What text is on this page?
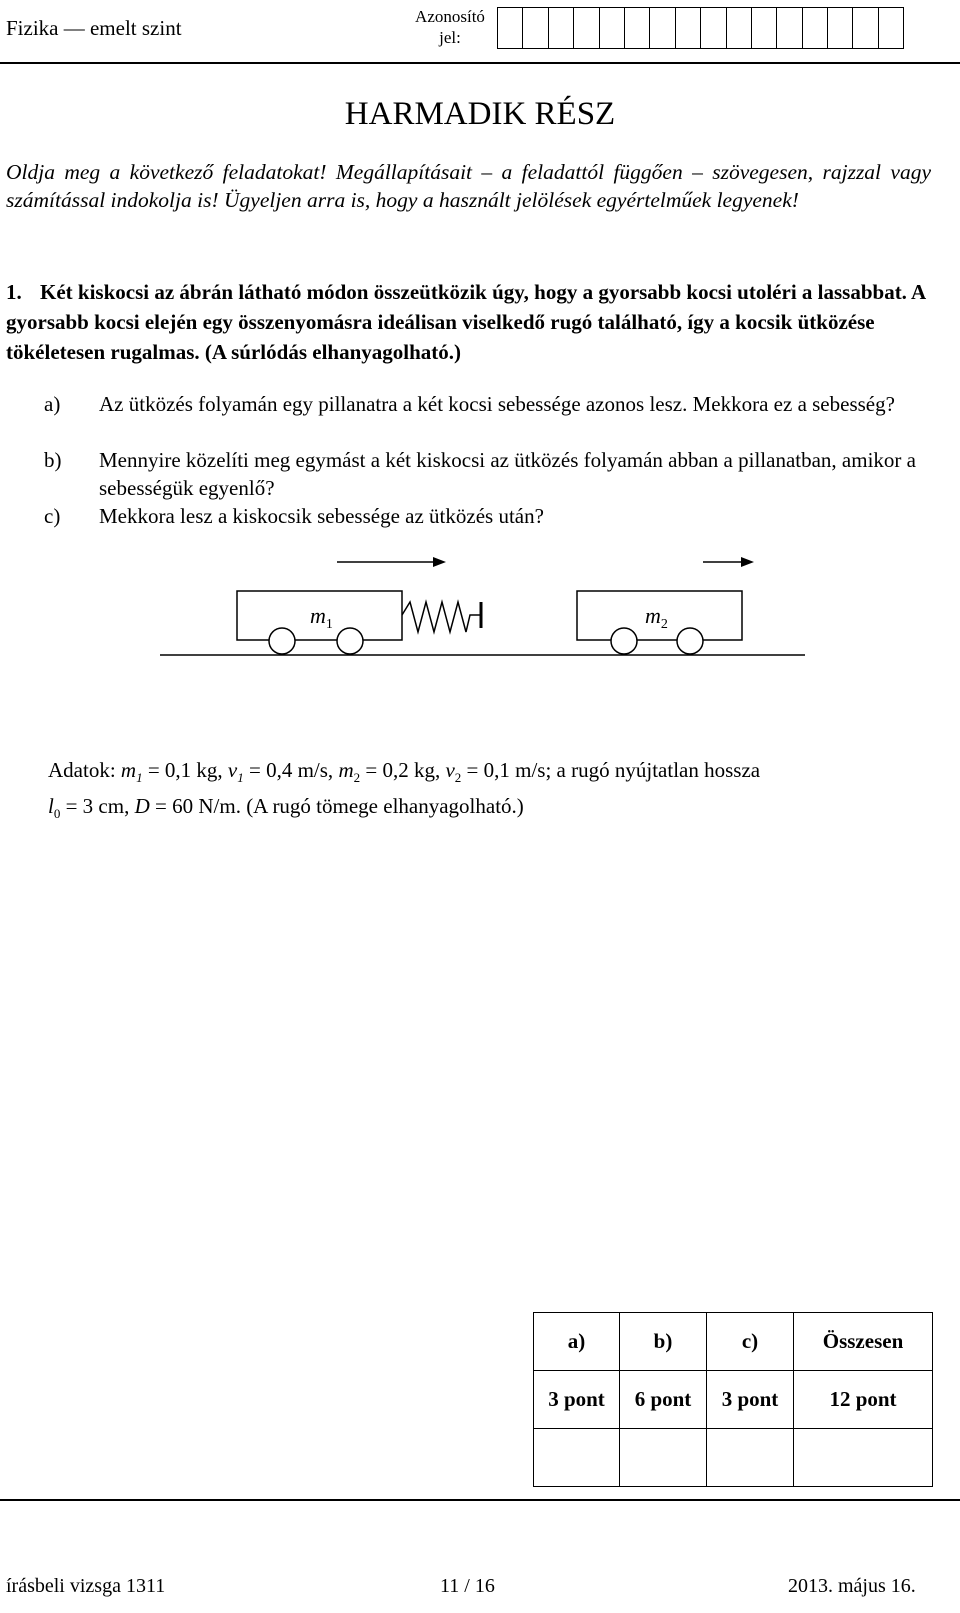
Fizika — emelt szint	Azonosító
jel:
HARMADIK RÉSZ
Oldja meg a következő feladatokat! Megállapításait – a feladattól függően – szövegesen, rajzzal vagy számítással indokolja is! Ügyeljen arra is, hogy a használt jelölések egyértelműek legyenek!
1. Két kiskocsi az ábrán látható módon összeütközik úgy, hogy a gyorsabb kocsi utoléri a lassabbat. A gyorsabb kocsi elején egy összenyomásra ideálisan viselkedő rugó található, így a kocsik ütközése tökéletesen rugalmas. (A súrlódás elhanyagolható.)
a)	Az ütközés folyamán egy pillanatra a két kocsi sebessége azonos lesz. Mekkora ez a sebesség?
b)	Mennyire közelíti meg egymást a két kiskocsi az ütközés folyamán abban a pillanatban, amikor a sebességük egyenlő?
c)	Mekkora lesz a kiskocsik sebessége az ütközés után?
$m_1$	$m_2$
Adatok: $m_1 = 0,1$ kg, $v_1 = 0,4$ m/s, $m_2 = 0,2$ kg, $v_2 = 0,1$ m/s; a rugó nyújtatlan hossza
$l_0 = 3$ cm, D = 60 N/m. (A rugó tömege elhanyagolható.)
a)	b)	c)	Összesen
3 pont	6 pont	3 pont	12 pont

írásbeli vizsga 1311	11 / 16	2013. május 16.
